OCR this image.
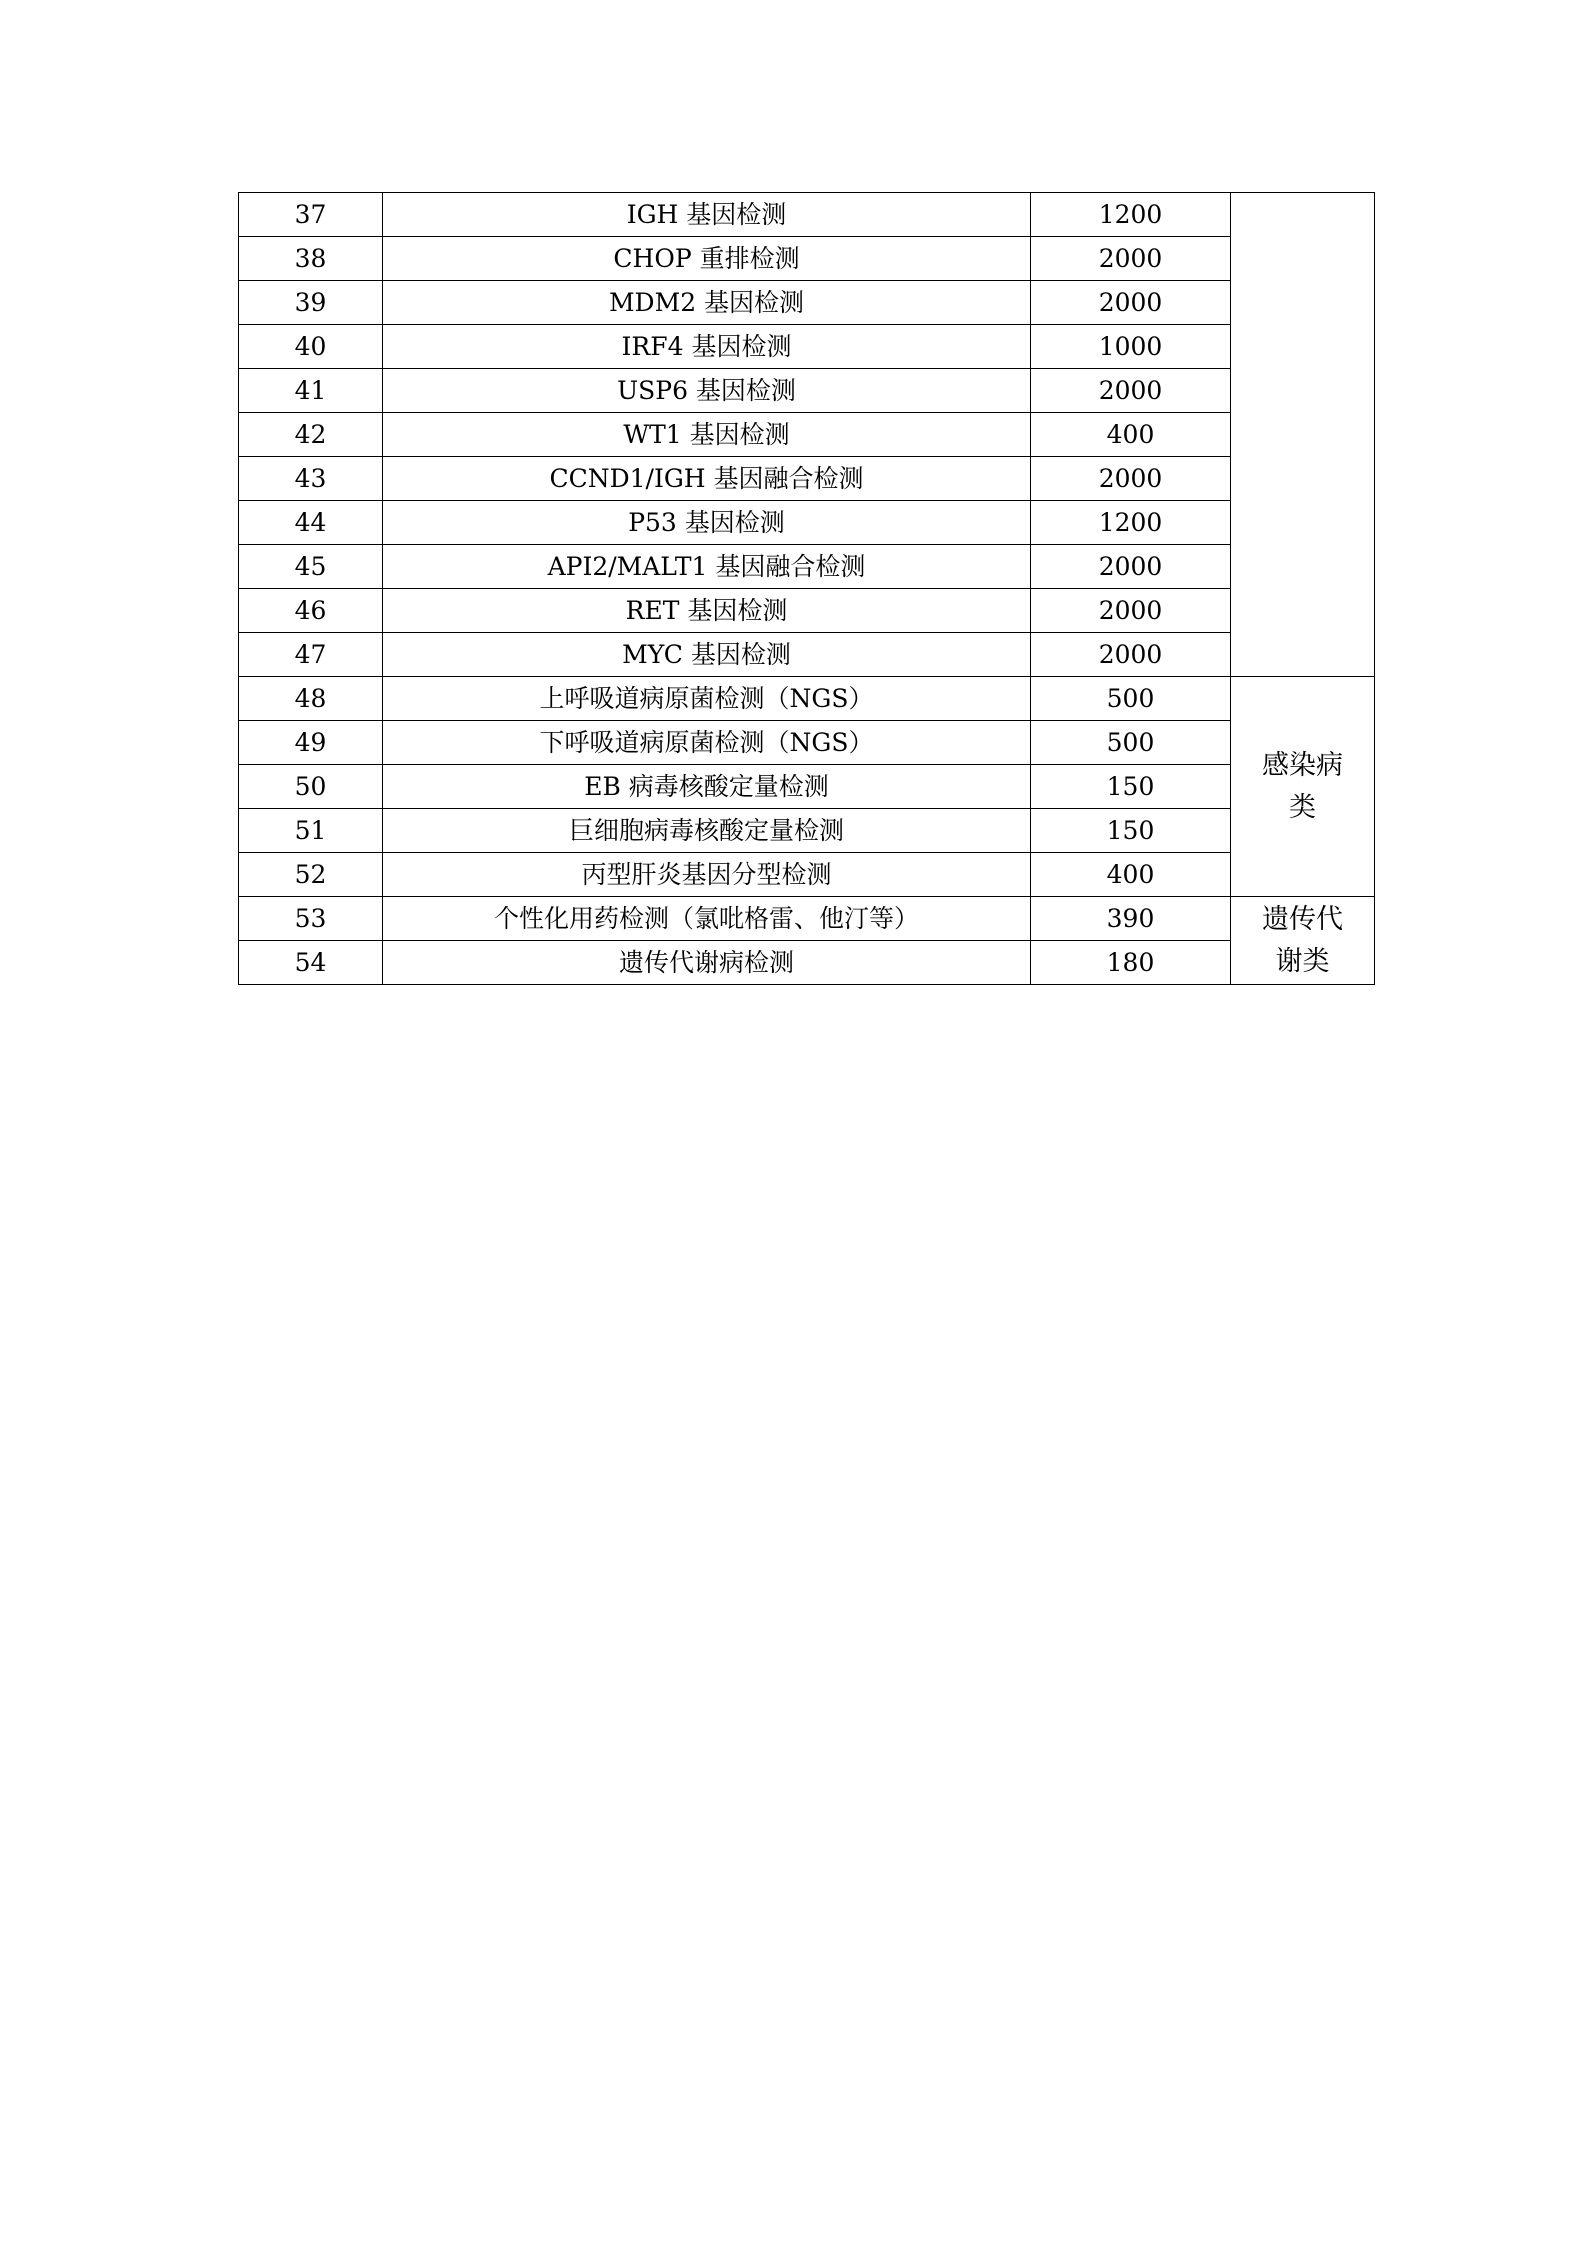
37	IGH 基因检测	1200	
38	CHOP 重排检测	2000	
39	MDM2 基因检测	2000	
40	IRF4 基因检测	1000	
41	USP6 基因检测	2000	
42	WT1 基因检测	400	
43	CCND1/IGH 基因融合检测	2000	
44	P53 基因检测	1200	
45	API2/MALT1 基因融合检测	2000	
46	RET 基因检测	2000	
47	MYC 基因检测	2000	
48	上呼吸道病原菌检测（NGS）	500	感染病类
49	下呼吸道病原菌检测（NGS）	500	
50	EB 病毒核酸定量检测	150	
51	巨细胞病毒核酸定量检测	150	
52	丙型肝炎基因分型检测	400	
53	个性化用药检测（氯吡格雷、他汀等）	390	遗传代谢类
54	遗传代谢病检测	180	
